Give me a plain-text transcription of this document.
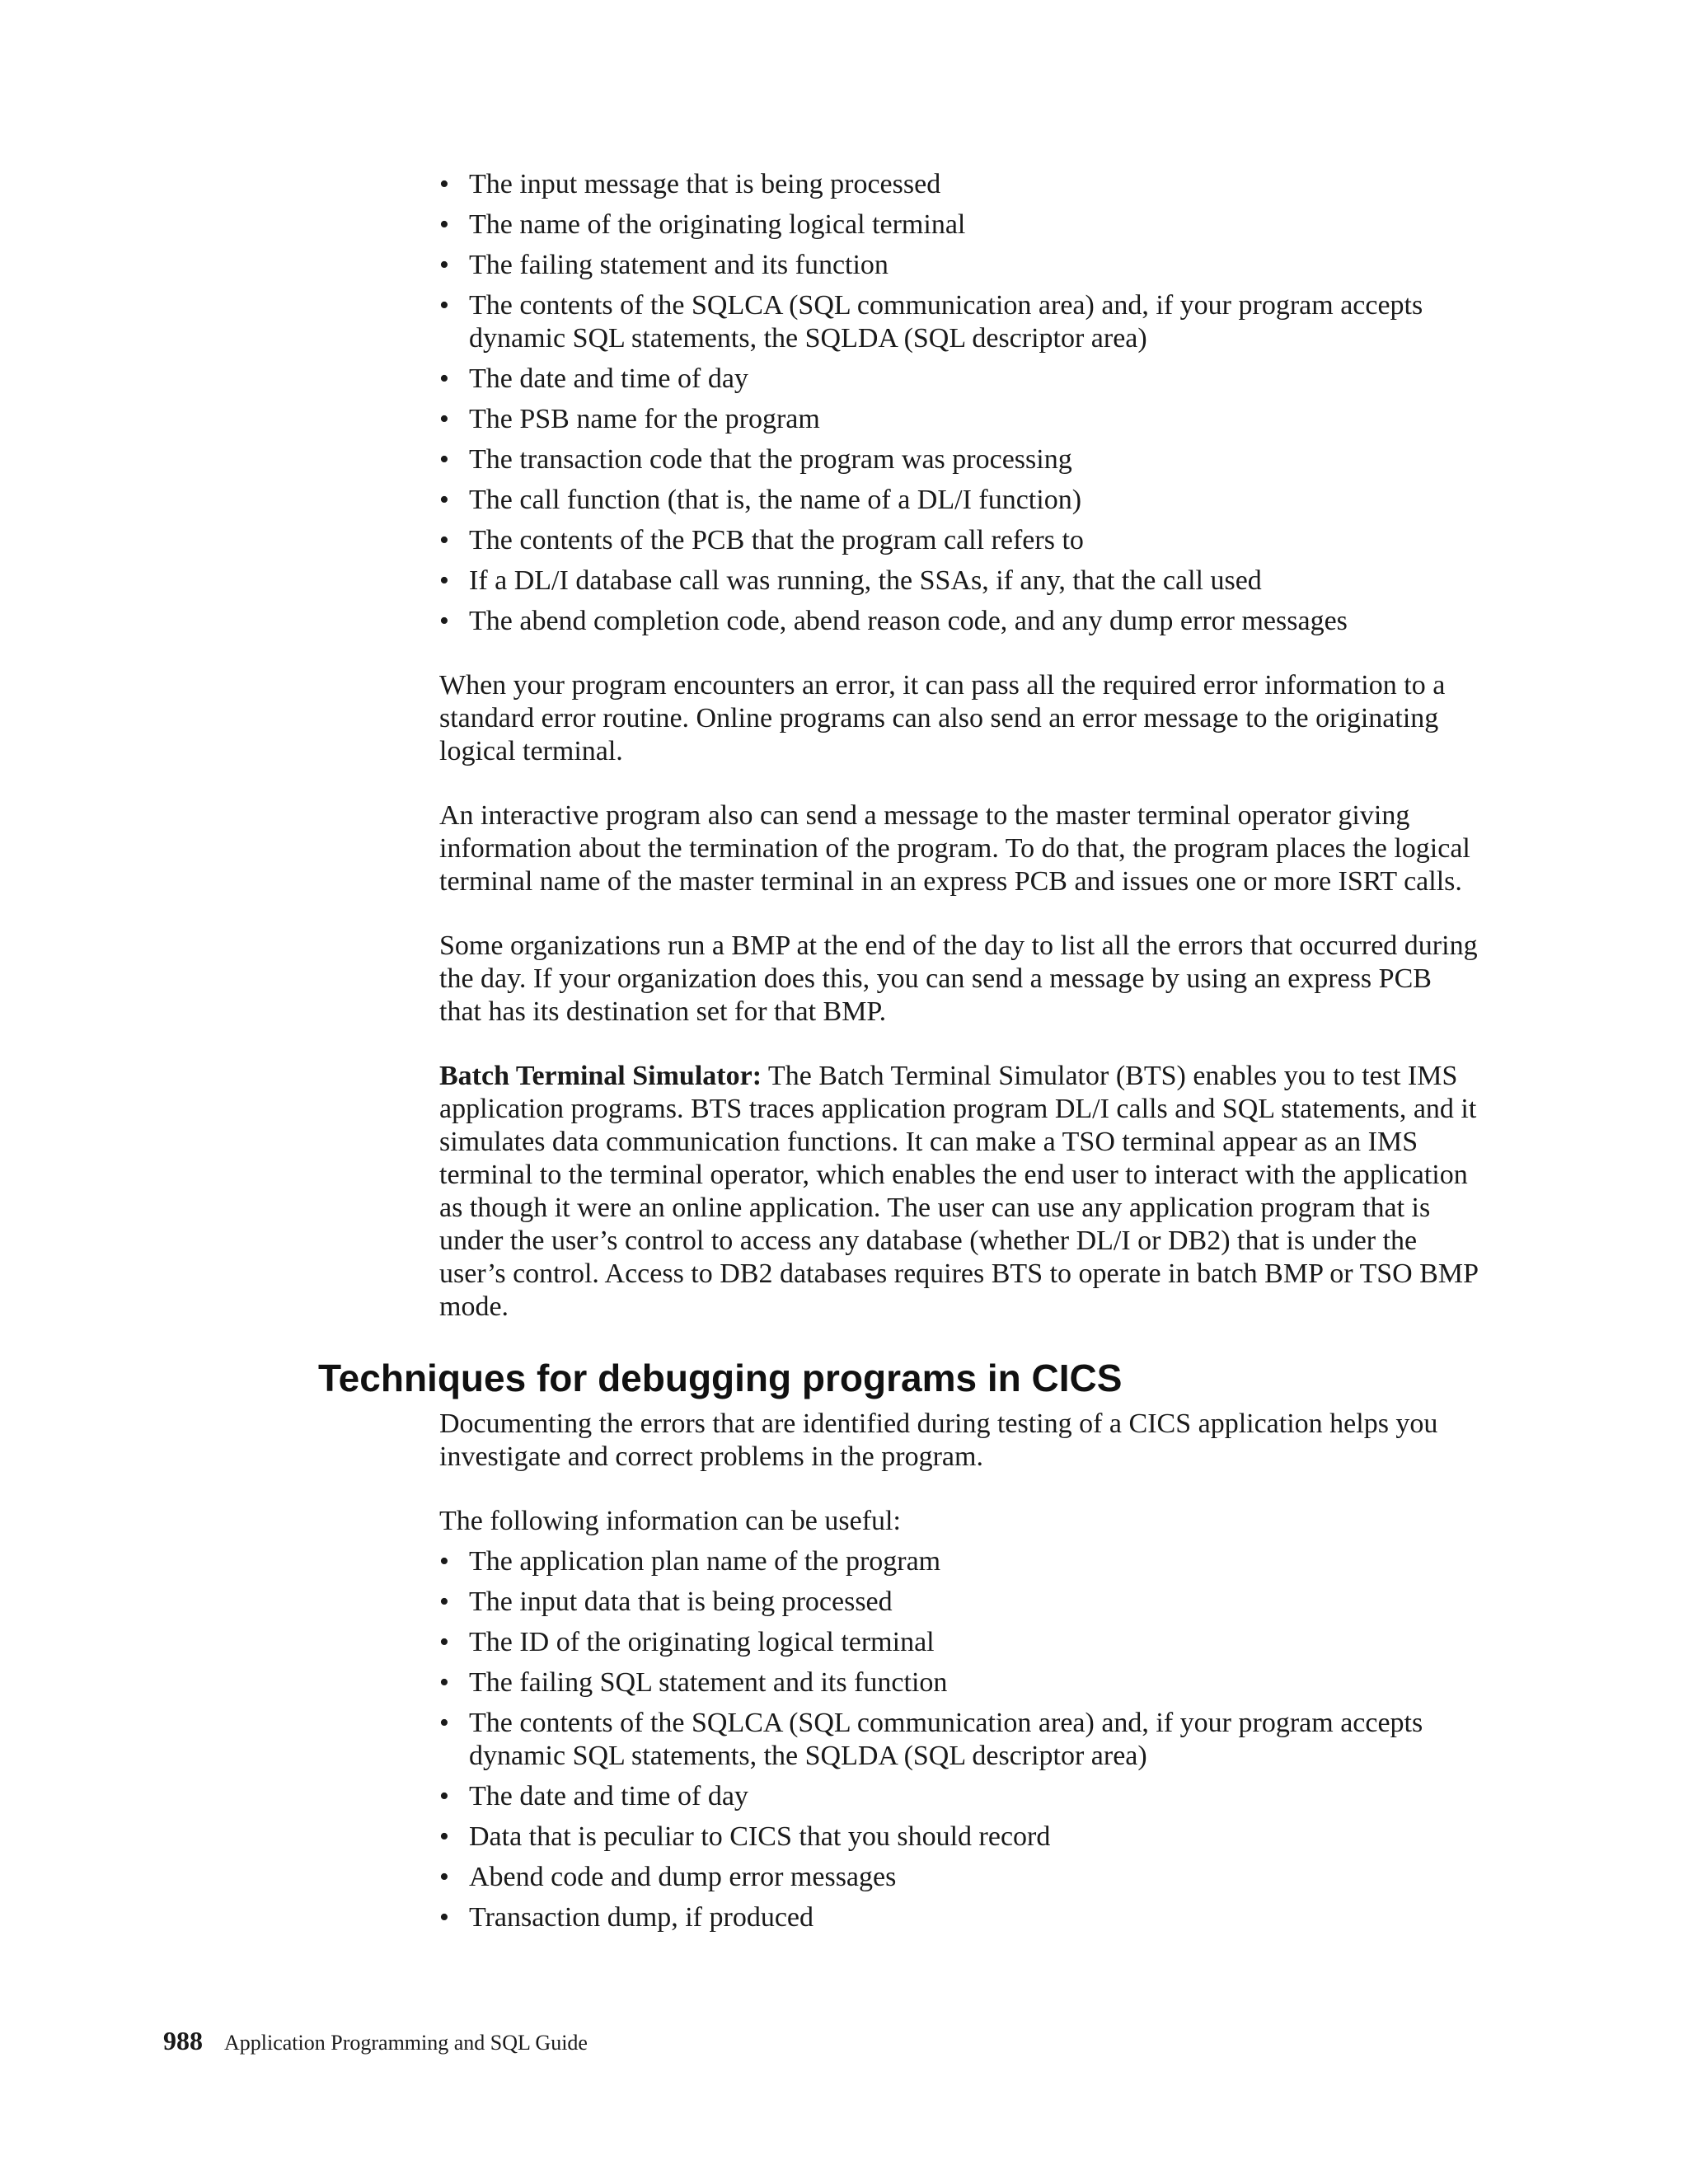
• The input message that is being processed
• The name of the originating logical terminal
• The failing statement and its function
• The contents of the SQLCA (SQL communication area) and, if your program accepts dynamic SQL statements, the SQLDA (SQL descriptor area)
• The date and time of day
• The PSB name for the program
• The transaction code that the program was processing
• The call function (that is, the name of a DL/I function)
• The contents of the PCB that the program call refers to
• If a DL/I database call was running, the SSAs, if any, that the call used
• The abend completion code, abend reason code, and any dump error messages

When your program encounters an error, it can pass all the required error information to a standard error routine. Online programs can also send an error message to the originating logical terminal.

An interactive program also can send a message to the master terminal operator giving information about the termination of the program. To do that, the program places the logical terminal name of the master terminal in an express PCB and issues one or more ISRT calls.

Some organizations run a BMP at the end of the day to list all the errors that occurred during the day. If your organization does this, you can send a message by using an express PCB that has its destination set for that BMP.

Batch Terminal Simulator: The Batch Terminal Simulator (BTS) enables you to test IMS application programs. BTS traces application program DL/I calls and SQL statements, and it simulates data communication functions. It can make a TSO terminal appear as an IMS terminal to the terminal operator, which enables the end user to interact with the application as though it were an online application. The user can use any application program that is under the user’s control to access any database (whether DL/I or DB2) that is under the user’s control. Access to DB2 databases requires BTS to operate in batch BMP or TSO BMP mode.

Techniques for debugging programs in CICS

Documenting the errors that are identified during testing of a CICS application helps you investigate and correct problems in the program.

The following information can be useful:

• The application plan name of the program
• The input data that is being processed
• The ID of the originating logical terminal
• The failing SQL statement and its function
• The contents of the SQLCA (SQL communication area) and, if your program accepts dynamic SQL statements, the SQLDA (SQL descriptor area)
• The date and time of day
• Data that is peculiar to CICS that you should record
• Abend code and dump error messages
• Transaction dump, if produced
988 Application Programming and SQL Guide
